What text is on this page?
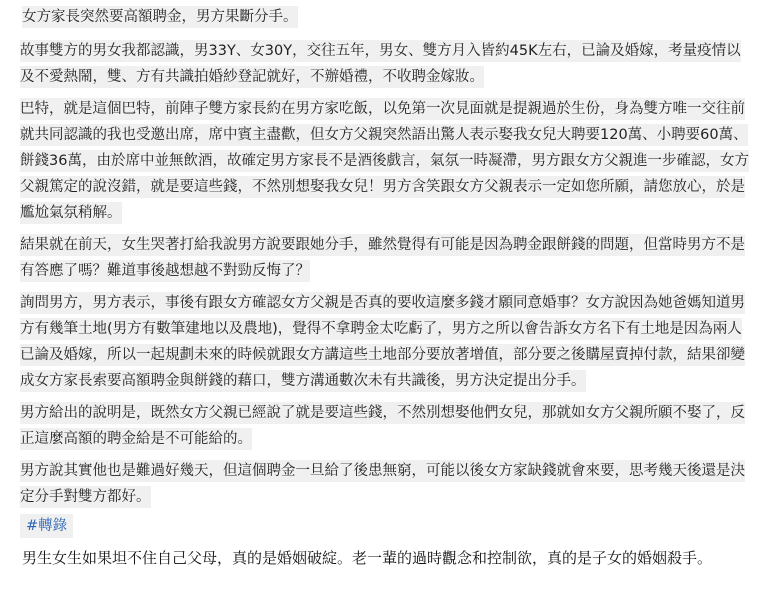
女方家長突然要高額聘金，男方果斷分手。

故事雙方的男女我都認識，男33Y、女30Y，交往五年，男女、雙方月入皆約45K左右，已論及婚嫁，考量疫情以及不愛熱鬧，雙、方有共識拍婚紗登記就好，不辦婚禮，不收聘金嫁妝。

巴特，就是這個巴特，前陣子雙方家長約在男方家吃飯，以免第一次見面就是提親過於生份，身為雙方唯一交往前就共同認識的我也受邀出席，席中賓主盡歡，但女方父親突然語出驚人表示娶我女兒大聘要120萬、小聘要60萬、餅錢36萬，由於席中並無飲酒，故確定男方家長不是酒後戲言，氣氛一時凝滯，男方跟女方父親進一步確認，女方父親篤定的說沒錯，就是要這些錢，不然別想娶我女兒！男方含笑跟女方父親表示一定如您所願，請您放心，於是尷尬氣氛稍解。

結果就在前天，女生哭著打給我說男方說要跟她分手，雖然覺得有可能是因為聘金跟餅錢的問題，但當時男方不是有答應了嗎？難道事後越想越不對勁反悔了？

詢問男方，男方表示，事後有跟女方確認女方父親是否真的要收這麼多錢才願同意婚事？女方說因為她爸媽知道男方有幾筆土地(男方有數筆建地以及農地)，覺得不拿聘金太吃虧了，男方之所以會告訴女方名下有土地是因為兩人已論及婚嫁，所以一起規劃未來的時候就跟女方講這些土地部分要放著增值，部分要之後購屋賣掉付款，結果卻變成女方家長索要高額聘金與餅錢的藉口，雙方溝通數次未有共識後，男方決定提出分手。

男方給出的說明是，既然女方父親已經說了就是要這些錢，不然別想娶他們女兒，那就如女方父親所願不娶了，反正這麼高額的聘金給是不可能給的。

男方說其實他也是難過好幾天，但這個聘金一旦給了後患無窮，可能以後女方家缺錢就會來要，思考幾天後還是決定分手對雙方都好。

#轉錄
男生女生如果坦不住自己父母，真的是婚姻破綻。老一輩的過時觀念和控制欲，真的是子女的婚姻殺手。
